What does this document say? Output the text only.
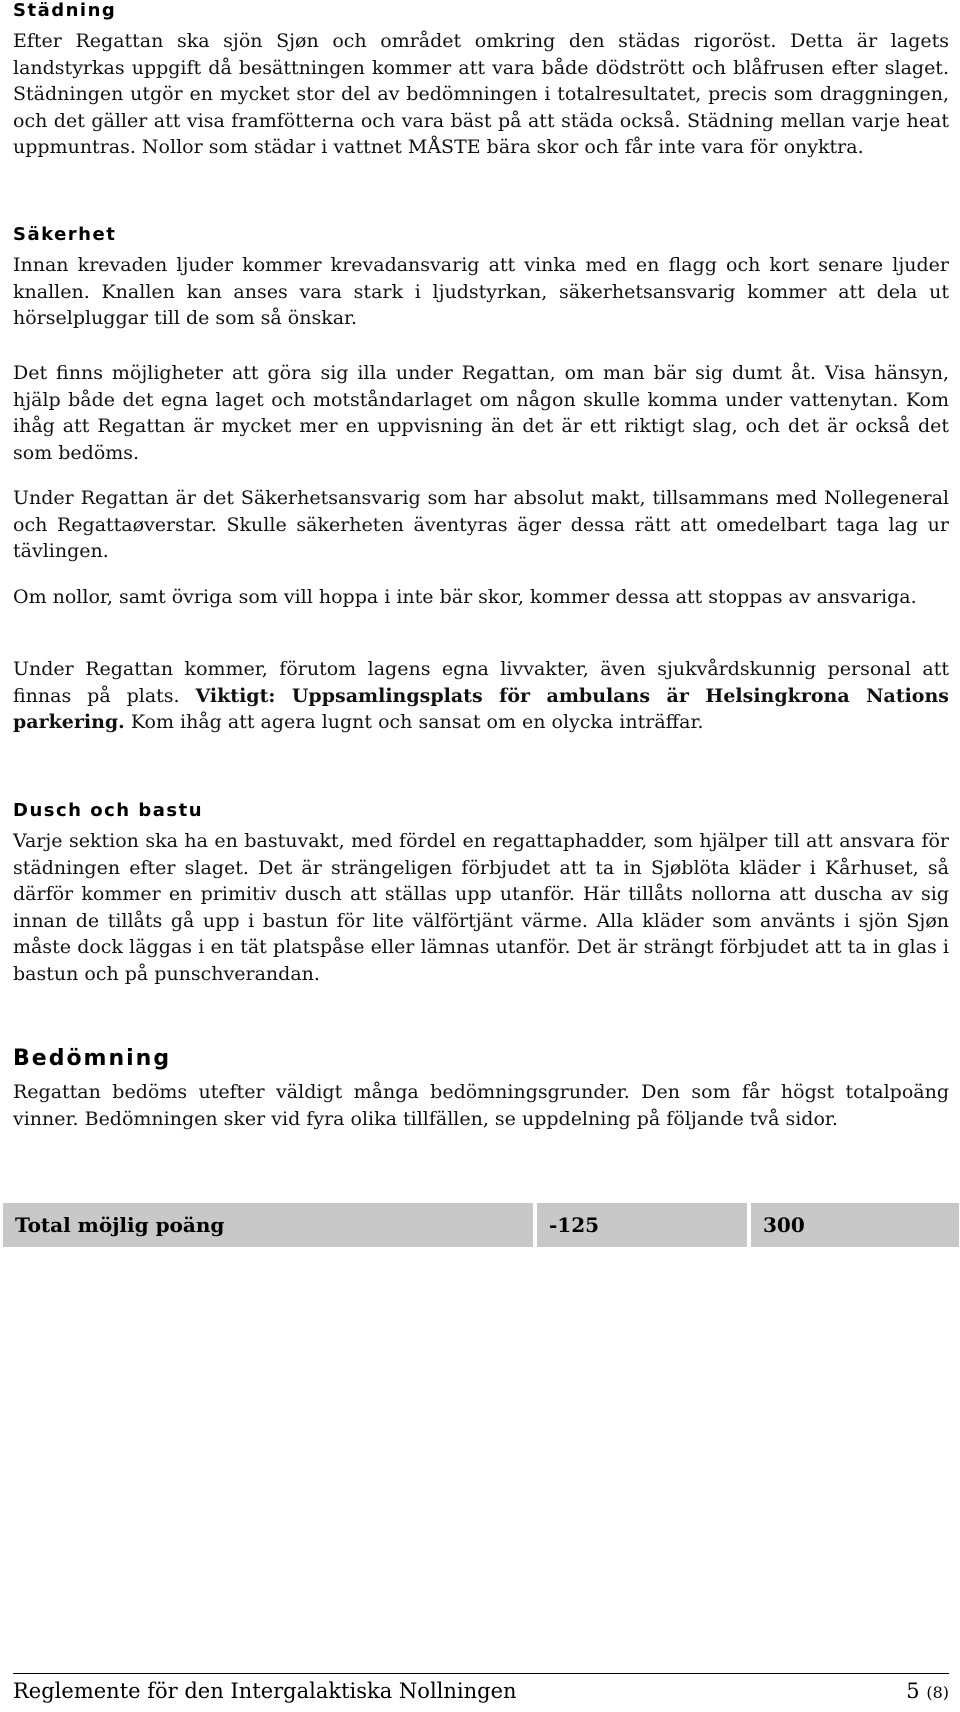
Städning

Efter Regattan ska sjön Sjøn och området omkring den städas rigoröst. Detta är lagets landstyrkas uppgift då besättningen kommer att vara både dödstrött och blåfrusen efter slaget. Städningen utgör en mycket stor del av bedömningen i totalresultatet, precis som draggningen, och det gäller att visa framfötterna och vara bäst på att städa också. Städning mellan varje heat uppmuntras. Nollor som städar i vattnet MÅSTE bära skor och får inte vara för onyktra.

Säkerhet

Innan krevaden ljuder kommer krevadansvarig att vinka med en flagg och kort senare ljuder knallen. Knallen kan anses vara stark i ljudstyrkan, säkerhetsansvarig kommer att dela ut hörselpluggar till de som så önskar.

Det finns möjligheter att göra sig illa under Regattan, om man bär sig dumt åt. Visa hänsyn, hjälp både det egna laget och motståndarlaget om någon skulle komma under vattenytan. Kom ihåg att Regattan är mycket mer en uppvisning än det är ett riktigt slag, och det är också det som bedöms.

Under Regattan är det Säkerhetsansvarig som har absolut makt, tillsammans med Nollegeneral och Regattaøverstar. Skulle säkerheten äventyras äger dessa rätt att omedelbart taga lag ur tävlingen.

Om nollor, samt övriga som vill hoppa i inte bär skor, kommer dessa att stoppas av ansvariga.

Under Regattan kommer, förutom lagens egna livvakter, även sjukvårdskunnig personal att finnas på plats. Viktigt: Uppsamlingsplats för ambulans är Helsingkrona Nations parkering. Kom ihåg att agera lugnt och sansat om en olycka inträffar.

Dusch och bastu

Varje sektion ska ha en bastuvakt, med fördel en regattaphadder, som hjälper till att ansvara för städningen efter slaget. Det är strängeligen förbjudet att ta in Sjøblöta kläder i Kårhuset, så därför kommer en primitiv dusch att ställas upp utanför. Här tillåts nollorna att duscha av sig innan de tillåts gå upp i bastun för lite välförtjänt värme. Alla kläder som använts i sjön Sjøn måste dock läggas i en tät platspåse eller lämnas utanför. Det är strängt förbjudet att ta in glas i bastun och på punschverandan.

Bedömning

Regattan bedöms utefter väldigt många bedömningsgrunder. Den som får högst totalpoäng vinner. Bedömningen sker vid fyra olika tillfällen, se uppdelning på följande två sidor.

Total möjlig poäng	-125	300
Reglemente för den Intergalaktiska Nollningen	5 (8)
